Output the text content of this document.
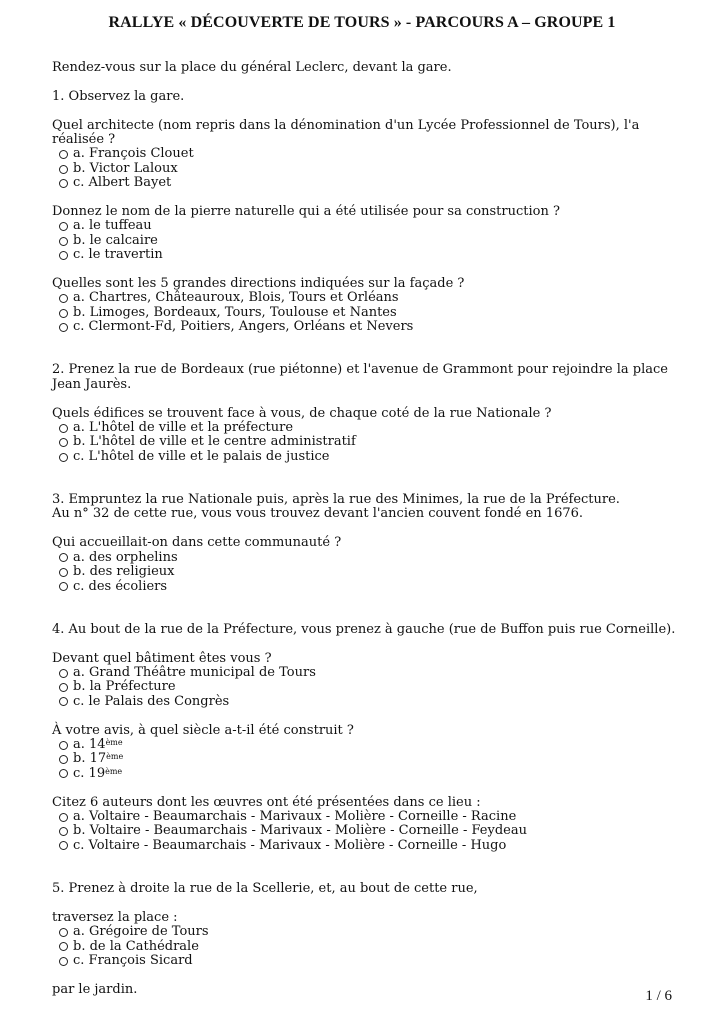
RALLYE « DÉCOUVERTE DE TOURS » - PARCOURS A – GROUPE 1

Rendez-vous sur la place du général Leclerc, devant la gare.

1. Observez la gare.

Quel architecte (nom repris dans la dénomination d'un Lycée Professionnel de Tours), l'a réalisée ?

a. François Clouet
b. Victor Laloux
c. Albert Bayet

Donnez le nom de la pierre naturelle qui a été utilisée pour sa construction ?

a. le tuffeau
b. le calcaire
c. le travertin

Quelles sont les 5 grandes directions indiquées sur la façade ?

a. Chartres, Châteauroux, Blois, Tours et Orléans
b. Limoges, Bordeaux, Tours, Toulouse et Nantes
c. Clermont-Fd, Poitiers, Angers, Orléans et Nevers

2. Prenez la rue de Bordeaux (rue piétonne) et l'avenue de Grammont pour rejoindre la place Jean Jaurès.

Quels édifices se trouvent face à vous, de chaque coté de la rue Nationale ?

a. L'hôtel de ville et la préfecture
b. L'hôtel de ville et le centre administratif
c. L'hôtel de ville et le palais de justice

3. Empruntez la rue Nationale puis, après la rue des Minimes, la rue de la Préfecture.

Au n° 32 de cette rue, vous vous trouvez devant l'ancien couvent fondé en 1676.

Qui accueillait-on dans cette communauté ?

a. des orphelins
b. des religieux
c. des écoliers

4. Au bout de la rue de la Préfecture, vous prenez à gauche (rue de Buffon puis rue Corneille).

Devant quel bâtiment êtes vous ?

a. Grand Théâtre municipal de Tours
b. la Préfecture
c. le Palais des Congrès

À votre avis, à quel siècle a-t-il été construit ?

a. 14ème
b. 17ème
c. 19ème

Citez 6 auteurs dont les œuvres ont été présentées dans ce lieu :

a. Voltaire - Beaumarchais - Marivaux - Molière - Corneille - Racine
b. Voltaire - Beaumarchais - Marivaux - Molière - Corneille - Feydeau
c. Voltaire - Beaumarchais - Marivaux - Molière - Corneille - Hugo

5. Prenez à droite la rue de la Scellerie, et, au bout de cette rue,

traversez la place :

a. Grégoire de Tours
b. de la Cathédrale
c. François Sicard

par le jardin.	1 / 6
